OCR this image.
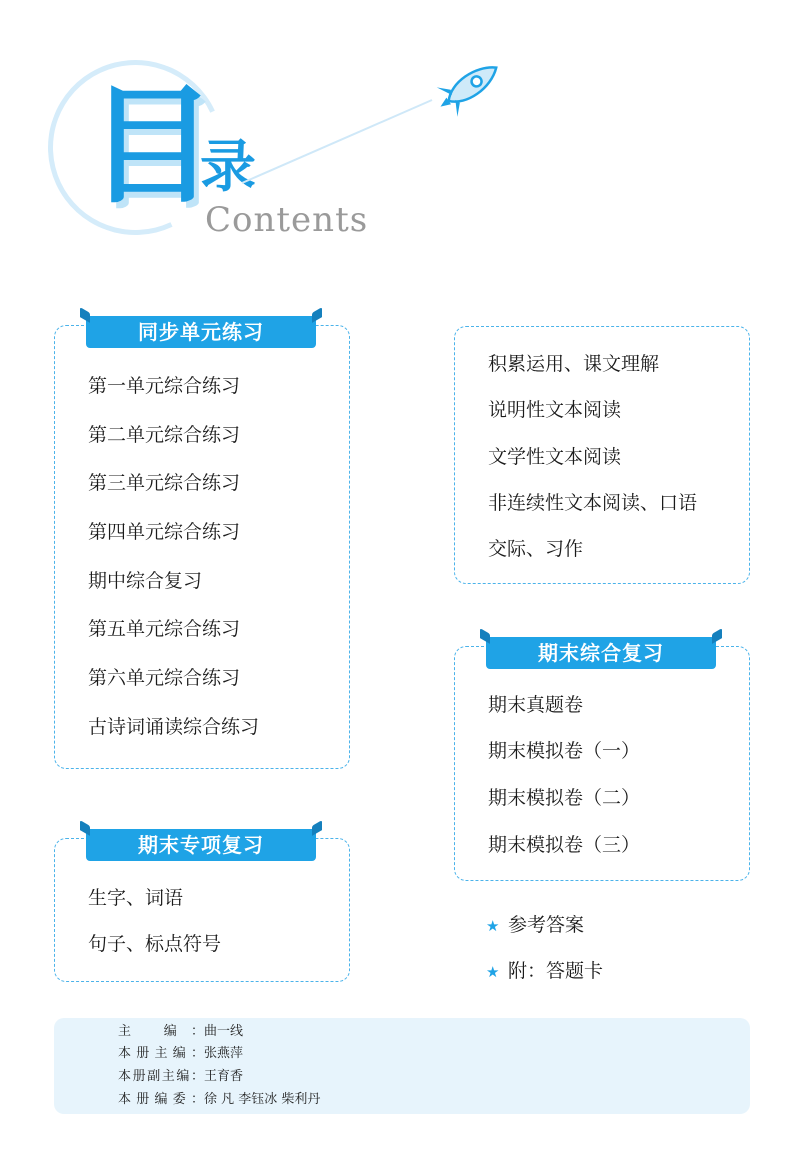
目
录
Contents
同步单元练习
第一单元综合练习
第二单元综合练习
第三单元综合练习
第四单元综合练习
期中综合复习
第五单元综合练习
第六单元综合练习
古诗词诵读综合练习
期末专项复习
生字、词语
句子、标点符号
积累运用、课文理解
说明性文本阅读
文学性文本阅读
非连续性文本阅读、口语
交际、习作
期末综合复习
期末真题卷
期末模拟卷（一）
期末模拟卷（二）
期末模拟卷（三）
★ 参考答案
★ 附：答题卡
主 编：曲一线
本册主编：张燕萍
本册副主编：王育香
本册编委：徐 凡 李钰冰 柴利丹
